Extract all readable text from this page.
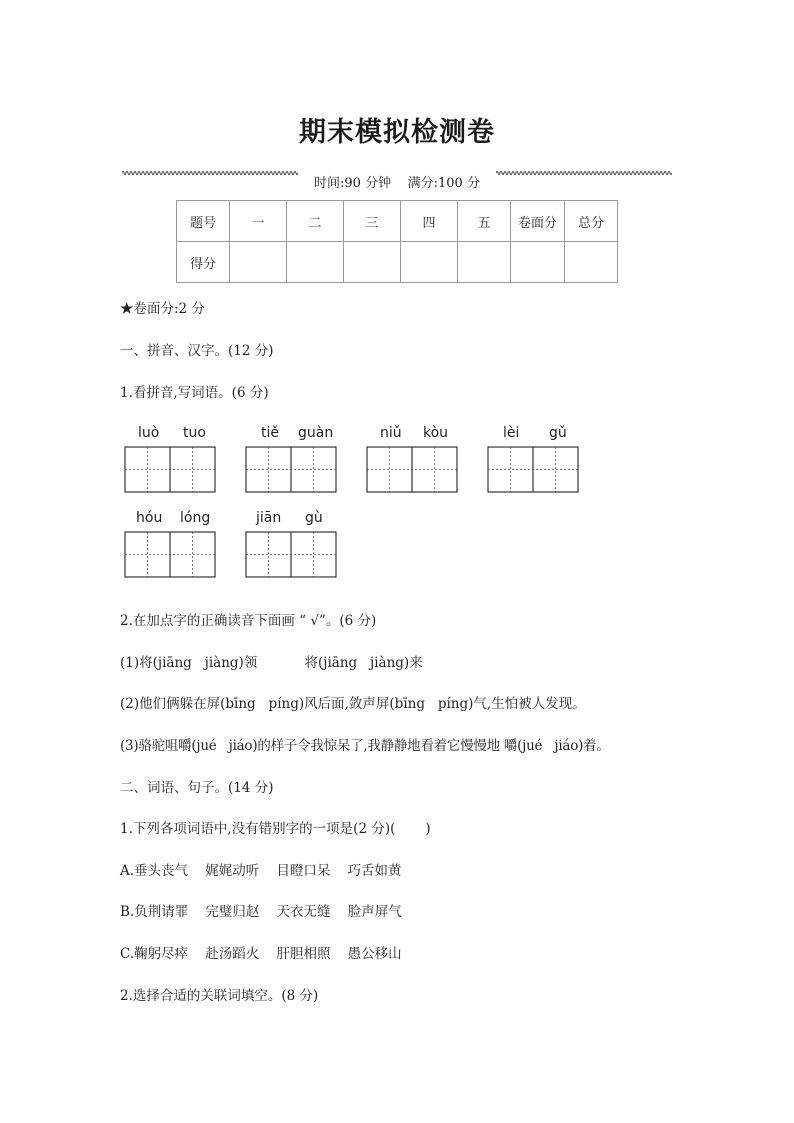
期末模拟检测卷
时间:90 分钟    满分:100 分
题号	一	二	三	四	五	卷面分	总分
得分							
★卷面分:2 分
一、拼音、汉字。(12 分)
1.看拼音,写词语。(6 分)
luò tuo	tiě guàn	niǔ kòu	lèi gǔ
hóu lóng	jiān gù
2.在加点字的正确读音下面画 “ √”。(6 分)
(1)将(jiāng   jiàng)领           将(jiāng   jiàng)来
(2)他们俩躲在屏(bīng   píng)风后面,敛声屏(bīng   píng)气,生怕被人发现。
(3)骆驼咀嚼(jué   jiáo)的样子令我惊呆了,我静静地看着它慢慢地 嚼(jué   jiáo)着。
二、词语、句子。(14 分)
1.下列各项词语中,没有错别字的一项是(2 分)(       )
A.垂头丧气    娓娓动听    目瞪口呆    巧舌如黄
B.负荆请罪    完璧归赵    天衣无缝    脸声屏气
C.鞠躬尽瘁    赴汤蹈火    肝胆相照    愚公移山
2.选择合适的关联词填空。(8 分)
